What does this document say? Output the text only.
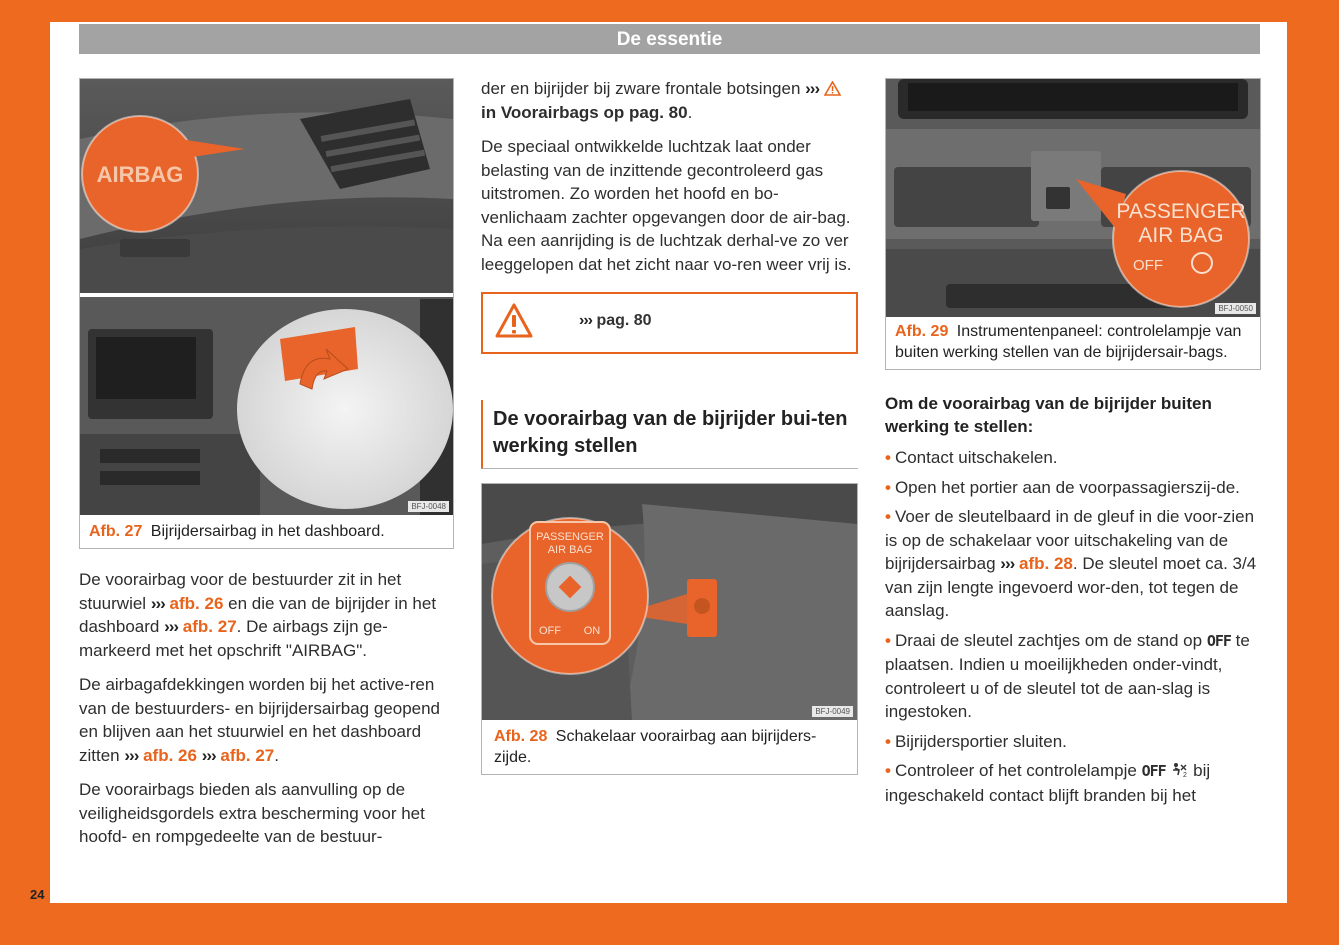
24
De essentie
AIRBAG
BFJ-0048
Afb. 27 Bijrijdersairbag in het dashboard.

De voorairbag voor de bestuurder zit in het stuurwiel ››› afb. 26 en die van de bijrijder in het dashboard ››› afb. 27. De airbags zijn ge-markeerd met het opschrift "AIRBAG".

De airbagafdekkingen worden bij het active-ren van de bestuurders- en bijrijdersairbag geopend en blijven aan het stuurwiel en het dashboard zitten ››› afb. 26 ››› afb. 27.

De voorairbags bieden als aanvulling op de veiligheidsgordels extra bescherming voor het hoofd- en rompgedeelte van de bestuur-

der en bijrijder bij zware frontale botsingen ›››  in Voorairbags op pag. 80.

De speciaal ontwikkelde luchtzak laat onder belasting van de inzittende gecontroleerd gas uitstromen. Zo worden het hoofd en bo-venlichaam zachter opgevangen door de air-bag. Na een aanrijding is de luchtzak derhal-ve zo ver leeggelopen dat het zicht naar vo-ren weer vrij is.

››› pag. 80
De voorairbag van de bijrijder bui-ten werking stellen
PASSENGER
AIR BAG
OFF ON
BFJ-0049
Afb. 28 Schakelaar voorairbag aan bijrijders-zijde.
PASSENGER
AIR BAG
OFF
BFJ-0050
Afb. 29 Instrumentenpaneel: controlelampje van buiten werking stellen van de bijrijdersair-bags.
Om de voorairbag van de bijrijder buiten werking te stellen:
• Contact uitschakelen.
• Open het portier aan de voorpassagierszij-de.
• Voer de sleutelbaard in de gleuf in die voor-zien is op de schakelaar voor uitschakeling van de bijrijdersairbag ››› afb. 28. De sleutel moet ca. 3/4 van zijn lengte ingevoerd wor-den, tot tegen de aanslag.
• Draai de sleutel zachtjes om de stand op OFF te plaatsen. Indien u moeilijkheden onder-vindt, controleert u of de sleutel tot de aan-slag is ingestoken.
• Bijrijdersportier sluiten.
• Controleer of het controlelampje OFF	2 bij ingeschakeld contact blijft branden bij het
